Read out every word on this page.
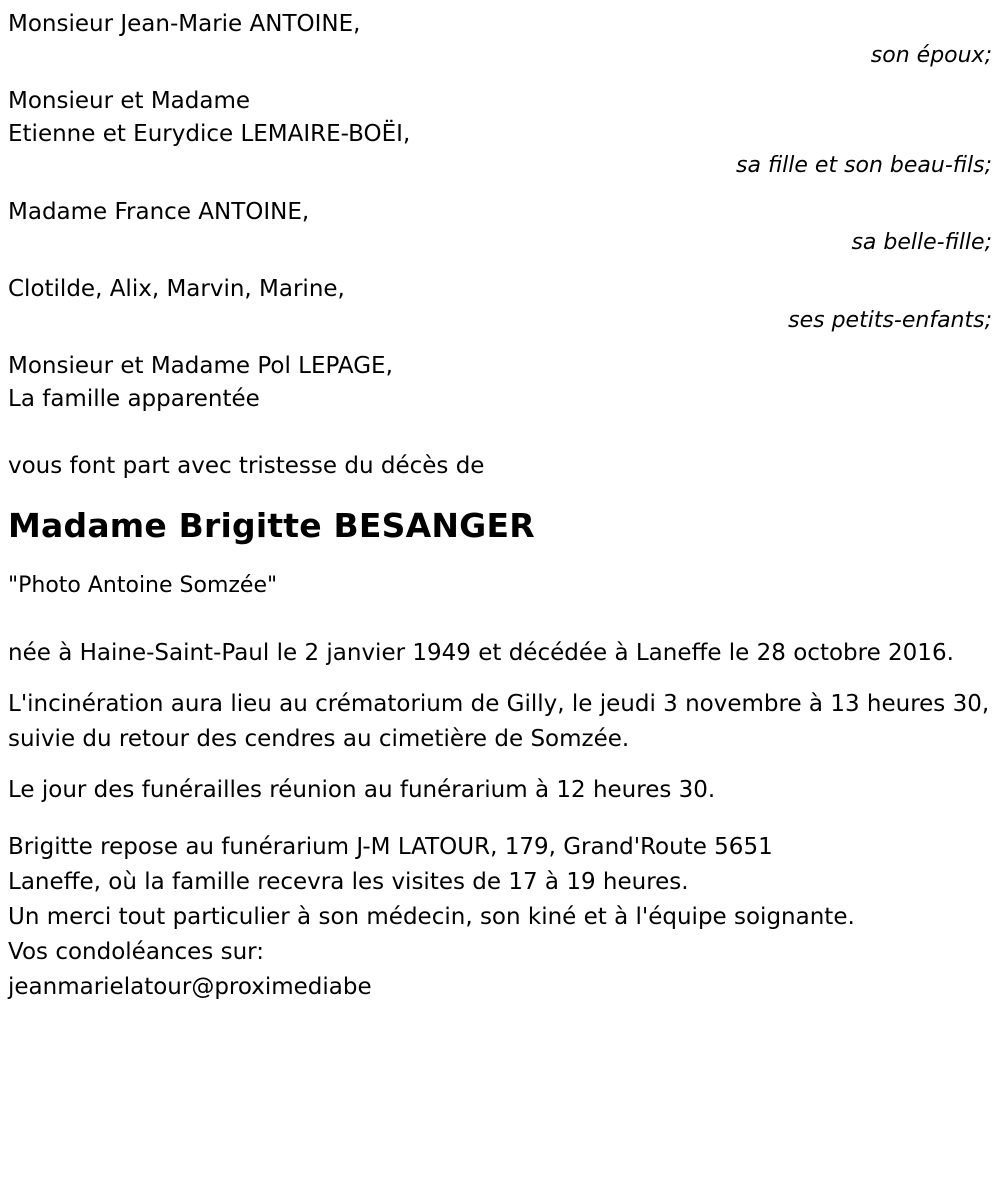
Monsieur Jean-Marie ANTOINE,
son époux;
Monsieur et Madame
Etienne et Eurydice LEMAIRE-BOËI,
sa fille et son beau-fils;
Madame France ANTOINE,
sa belle-fille;
Clotilde, Alix, Marvin, Marine,
ses petits-enfants;
Monsieur et Madame Pol LEPAGE,
La famille apparentée
vous font part avec tristesse du décès de
Madame Brigitte BESANGER
"Photo Antoine Somzée"
née à Haine-Saint-Paul le 2 janvier 1949 et décédée à Laneffe le 28 octobre 2016.
L'incinération aura lieu au crématorium de Gilly, le jeudi 3 novembre à 13 heures 30, suivie du retour des cendres au cimetière de Somzée.
Le jour des funérailles réunion au funérarium à 12 heures 30.
Brigitte repose au funérarium J-M LATOUR, 179, Grand'Route 5651
Laneffe, où la famille recevra les visites de 17 à 19 heures.
Un merci tout particulier à son médecin, son kiné et à l'équipe soignante.
Vos condoléances sur:
jeanmarielatour@proximediabe
